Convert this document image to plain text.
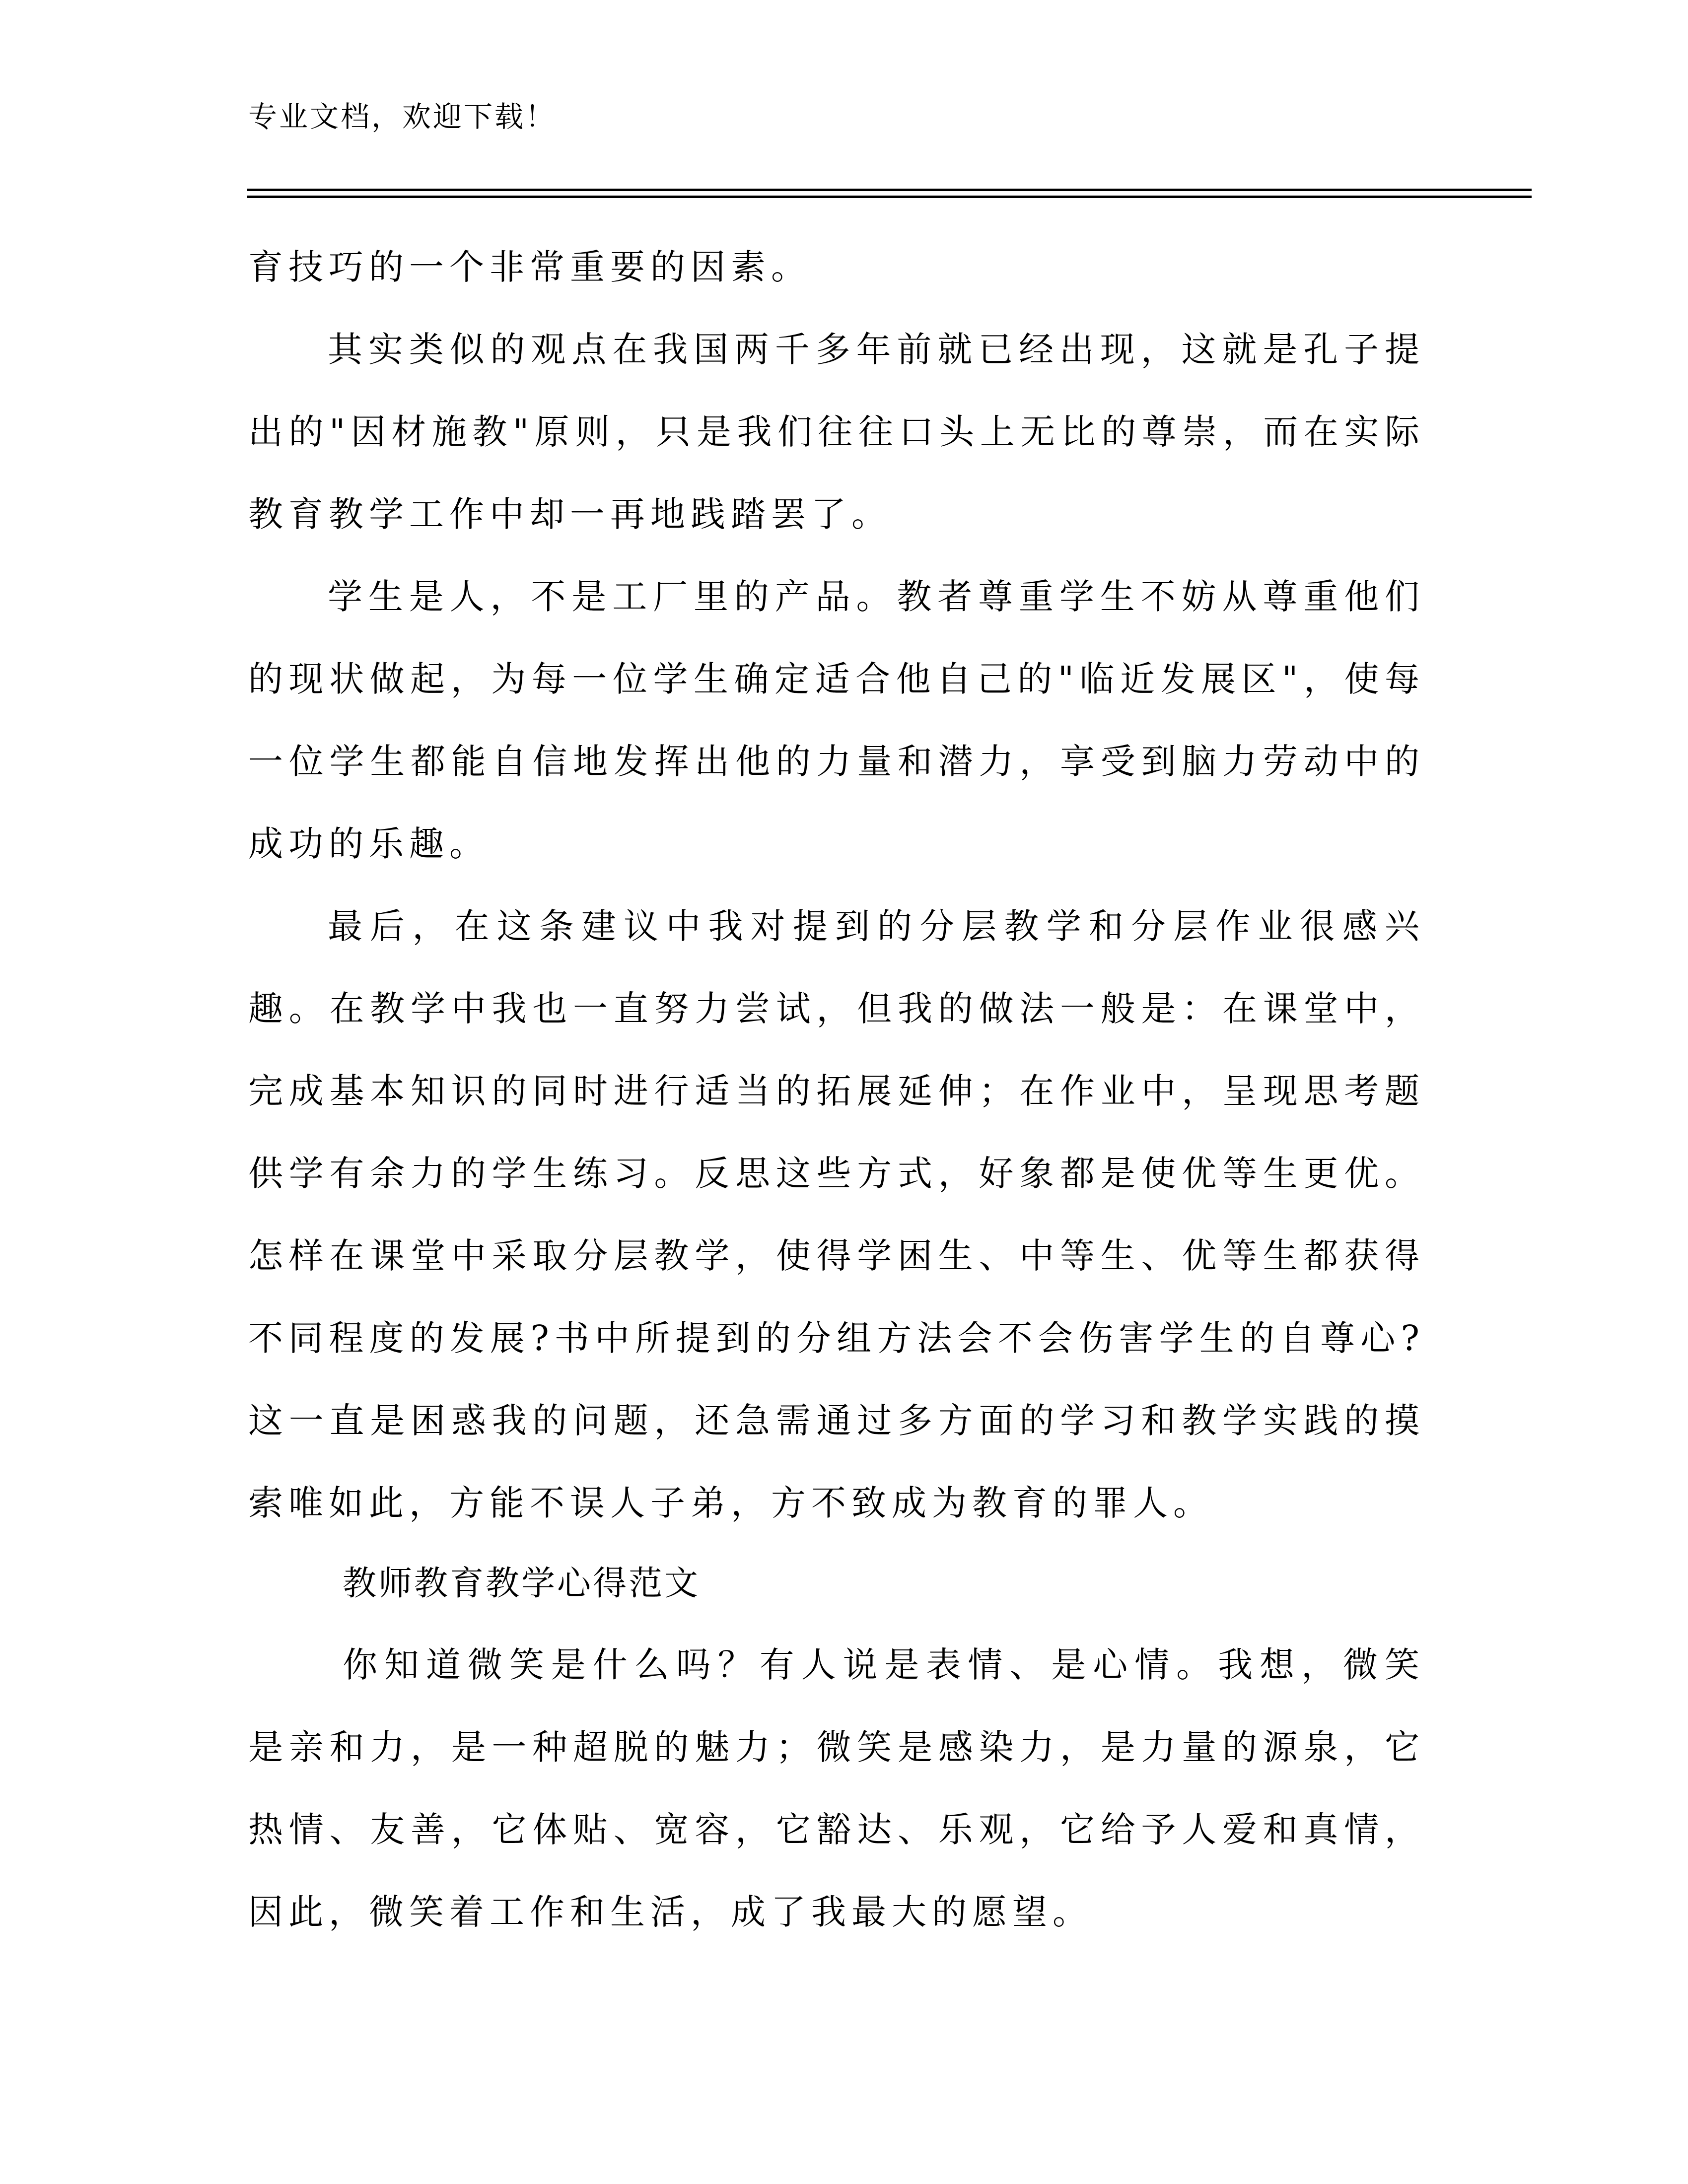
专业文档，欢迎下载！

育技巧的一个非常重要的因素。

其实类似的观点在我国两千多年前就已经出现，这就是孔子提出的"因材施教"原则，只是我们往往口头上无比的尊崇，而在实际教育教学工作中却一再地践踏罢了。

学生是人，不是工厂里的产品。教者尊重学生不妨从尊重他们的现状做起，为每一位学生确定适合他自己的"临近发展区"，使每一位学生都能自信地发挥出他的力量和潜力，享受到脑力劳动中的成功的乐趣。

最后，在这条建议中我对提到的分层教学和分层作业很感兴趣。在教学中我也一直努力尝试，但我的做法一般是：在课堂中，完成基本知识的同时进行适当的拓展延伸；在作业中，呈现思考题供学有余力的学生练习。反思这些方式，好象都是使优等生更优。怎样在课堂中采取分层教学，使得学困生、中等生、优等生都获得不同程度的发展?书中所提到的分组方法会不会伤害学生的自尊心?这一直是困惑我的问题，还急需通过多方面的学习和教学实践的摸索唯如此，方能不误人子弟，方不致成为教育的罪人。

教师教育教学心得范文

你知道微笑是什么吗？有人说是表情、是心情。我想，微笑是亲和力，是一种超脱的魅力；微笑是感染力，是力量的源泉，它热情、友善，它体贴、宽容，它豁达、乐观，它给予人爱和真情，因此，微笑着工作和生活，成了我最大的愿望。
